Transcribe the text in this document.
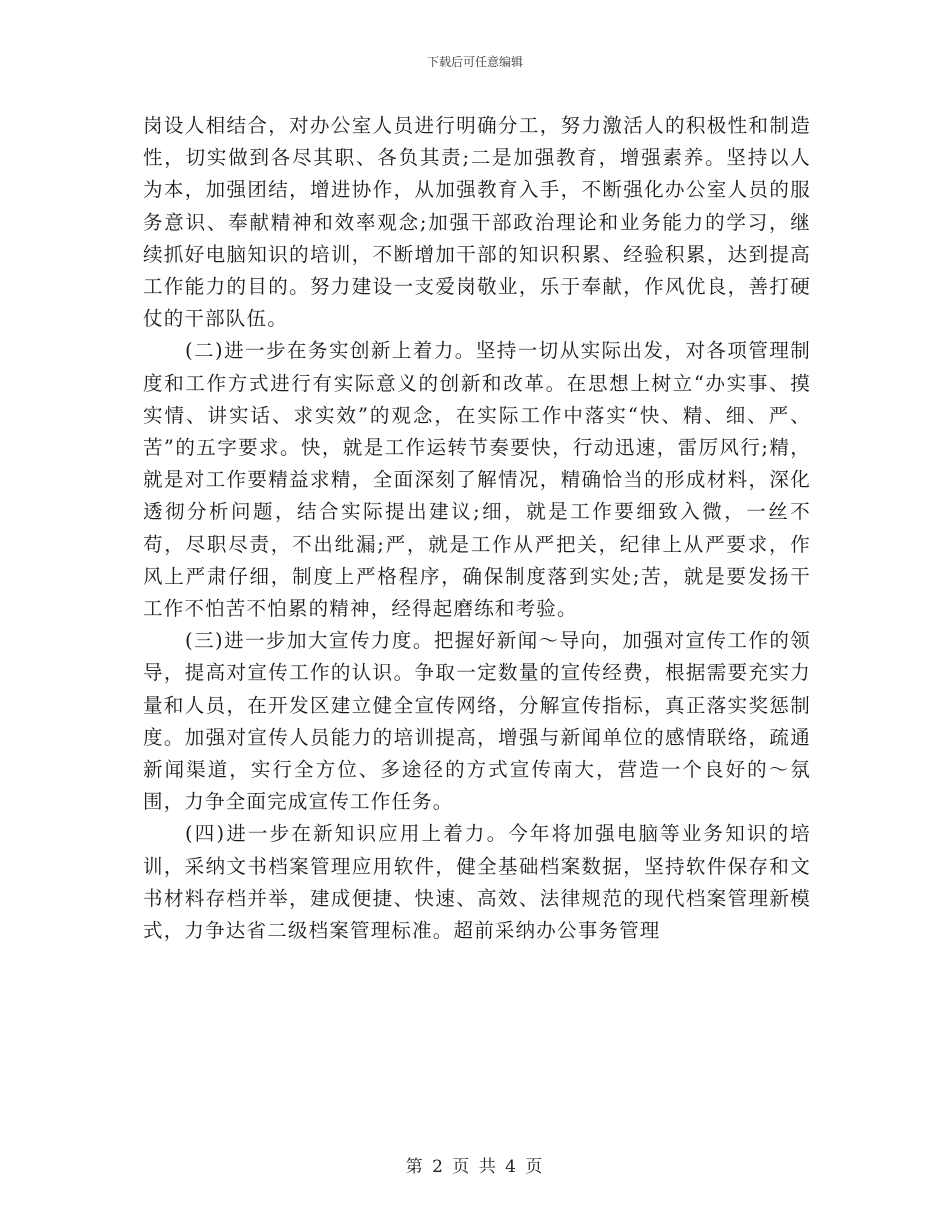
下载后可任意编辑

岗设人相结合，对办公室人员进行明确分工，努力激活人的积极性和制造性，切实做到各尽其职、各负其责;二是加强教育，增强素养。坚持以人为本，加强团结，增进协作，从加强教育入手，不断强化办公室人员的服务意识、奉献精神和效率观念;加强干部政治理论和业务能力的学习，继续抓好电脑知识的培训，不断增加干部的知识积累、经验积累，达到提高工作能力的目的。努力建设一支爱岗敬业，乐于奉献，作风优良，善打硬仗的干部队伍。

(二)进一步在务实创新上着力。坚持一切从实际出发，对各项管理制度和工作方式进行有实际意义的创新和改革。在思想上树立“办实事、摸实情、讲实话、求实效”的观念，在实际工作中落实“快、精、细、严、苦”的五字要求。快，就是工作运转节奏要快，行动迅速，雷厉风行;精，就是对工作要精益求精，全面深刻了解情况，精确恰当的形成材料，深化透彻分析问题，结合实际提出建议;细，就是工作要细致入微，一丝不苟，尽职尽责，不出纰漏;严，就是工作从严把关，纪律上从严要求，作风上严肃仔细，制度上严格程序，确保制度落到实处;苦，就是要发扬干工作不怕苦不怕累的精神，经得起磨练和考验。

(三)进一步加大宣传力度。把握好新闻～导向，加强对宣传工作的领导，提高对宣传工作的认识。争取一定数量的宣传经费，根据需要充实力量和人员，在开发区建立健全宣传网络，分解宣传指标，真正落实奖惩制度。加强对宣传人员能力的培训提高，增强与新闻单位的感情联络，疏通新闻渠道，实行全方位、多途径的方式宣传南大，营造一个良好的～氛围，力争全面完成宣传工作任务。

(四)进一步在新知识应用上着力。今年将加强电脑等业务知识的培训，采纳文书档案管理应用软件，健全基础档案数据，坚持软件保存和文书材料存档并举，建成便捷、快速、高效、法律规范的现代档案管理新模式，力争达省二级档案管理标准。超前采纳办公事务管理

第 2 页 共 4 页
